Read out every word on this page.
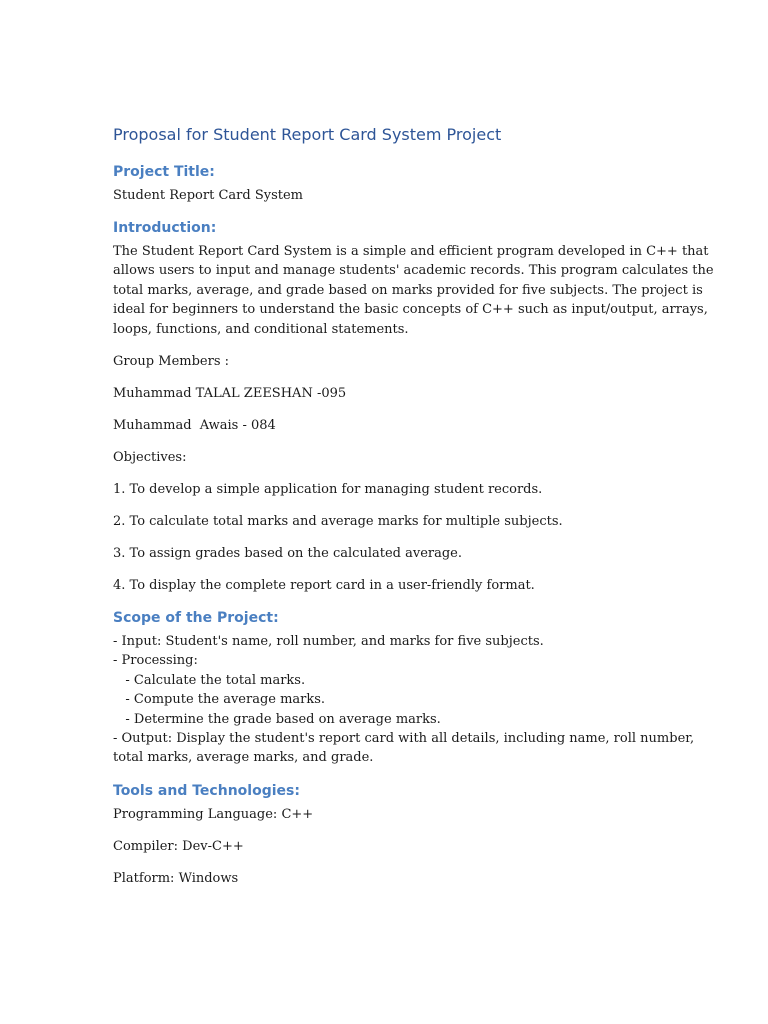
Proposal for Student Report Card System Project
Project Title:

Student Report Card System

Introduction:
The Student Report Card System is a simple and efficient program developed in C++ that
allows users to input and manage students' academic records. This program calculates the
total marks, average, and grade based on marks provided for five subjects. The project is
ideal for beginners to understand the basic concepts of C++ such as input/output, arrays,
loops, functions, and conditional statements.

Group Members :

Muhammad TALAL ZEESHAN -095

Muhammad  Awais - 084

Objectives:

1. To develop a simple application for managing student records.

2. To calculate total marks and average marks for multiple subjects.

3. To assign grades based on the calculated average.

4. To display the complete report card in a user-friendly format.

Scope of the Project:
- Input: Student's name, roll number, and marks for five subjects.
- Processing:
- Calculate the total marks.
- Compute the average marks.
- Determine the grade based on average marks.
- Output: Display the student's report card with all details, including name, roll number,
total marks, average marks, and grade.
Tools and Technologies:

Programming Language: C++

Compiler: Dev-C++

Platform: Windows
